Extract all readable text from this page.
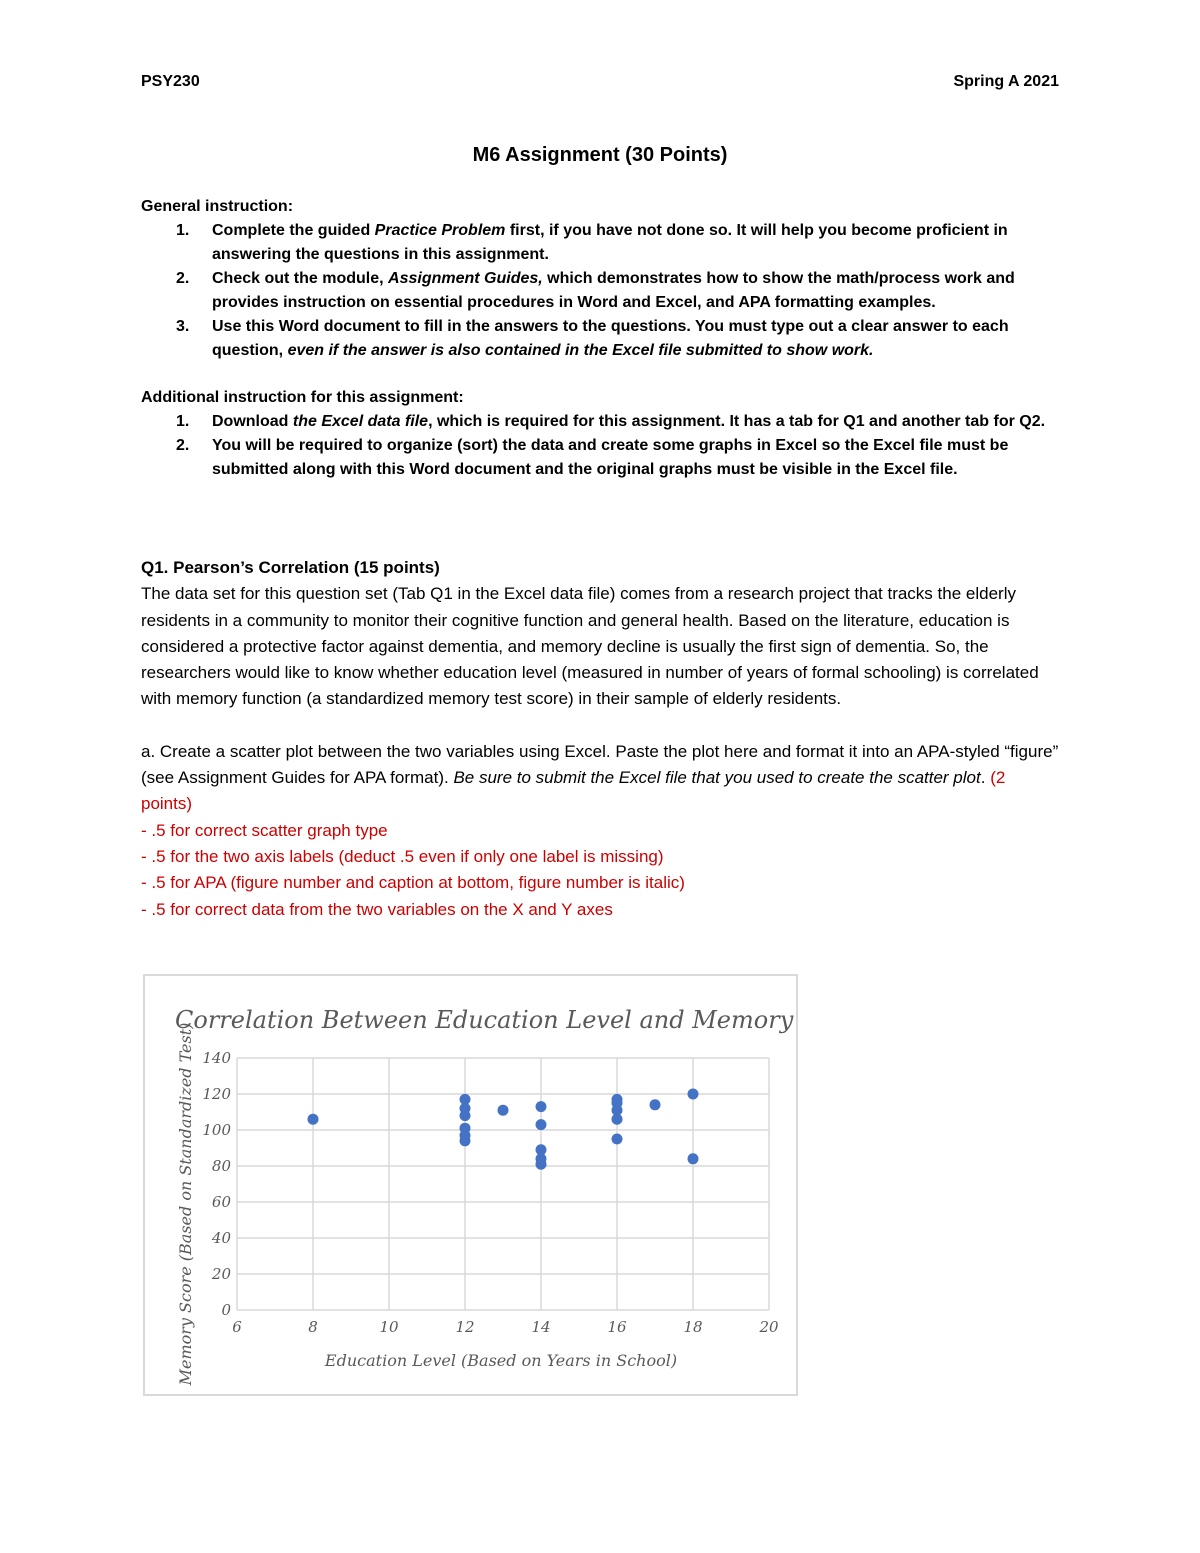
PSY230	Spring A 2021
M6 Assignment (30 Points)

General instruction:

1. Complete the guided Practice Problem first, if you have not done so. It will help you become proficient in answering the questions in this assignment.
2. Check out the module, Assignment Guides, which demonstrates how to show the math/process work and provides instruction on essential procedures in Word and Excel, and APA formatting examples.
3. Use this Word document to fill in the answers to the questions. You must type out a clear answer to each question, even if the answer is also contained in the Excel file submitted to show work.

Additional instruction for this assignment:

1. Download the Excel data file, which is required for this assignment. It has a tab for Q1 and another tab for Q2.
2. You will be required to organize (sort) the data and create some graphs in Excel so the Excel file must be submitted along with this Word document and the original graphs must be visible in the Excel file.

Q1. Pearson’s Correlation (15 points)

The data set for this question set (Tab Q1 in the Excel data file) comes from a research project that tracks the elderly residents in a community to monitor their cognitive function and general health. Based on the literature, education is considered a protective factor against dementia, and memory decline is usually the first sign of dementia. So, the researchers would like to know whether education level (measured in number of years of formal schooling) is correlated with memory function (a standardized memory test score) in their sample of elderly residents.

a. Create a scatter plot between the two variables using Excel. Paste the plot here and format it into an APA-styled “figure” (see Assignment Guides for APA format). Be sure to submit the Excel file that you used to create the scatter plot. (2 points)

- .5 for correct scatter graph type

- .5 for the two axis labels (deduct .5 even if only one label is missing)

- .5 for APA (figure number and caption at bottom, figure number is italic)

- .5 for correct data from the two variables on the X and Y axes

Correlation Between Education Level and Memory
Memory Score (Based on Standardized Test)	Education Level (Based on Years in School)
6	8	10	12	14	16	18	20
0
20
40
60
80
100
120
140
